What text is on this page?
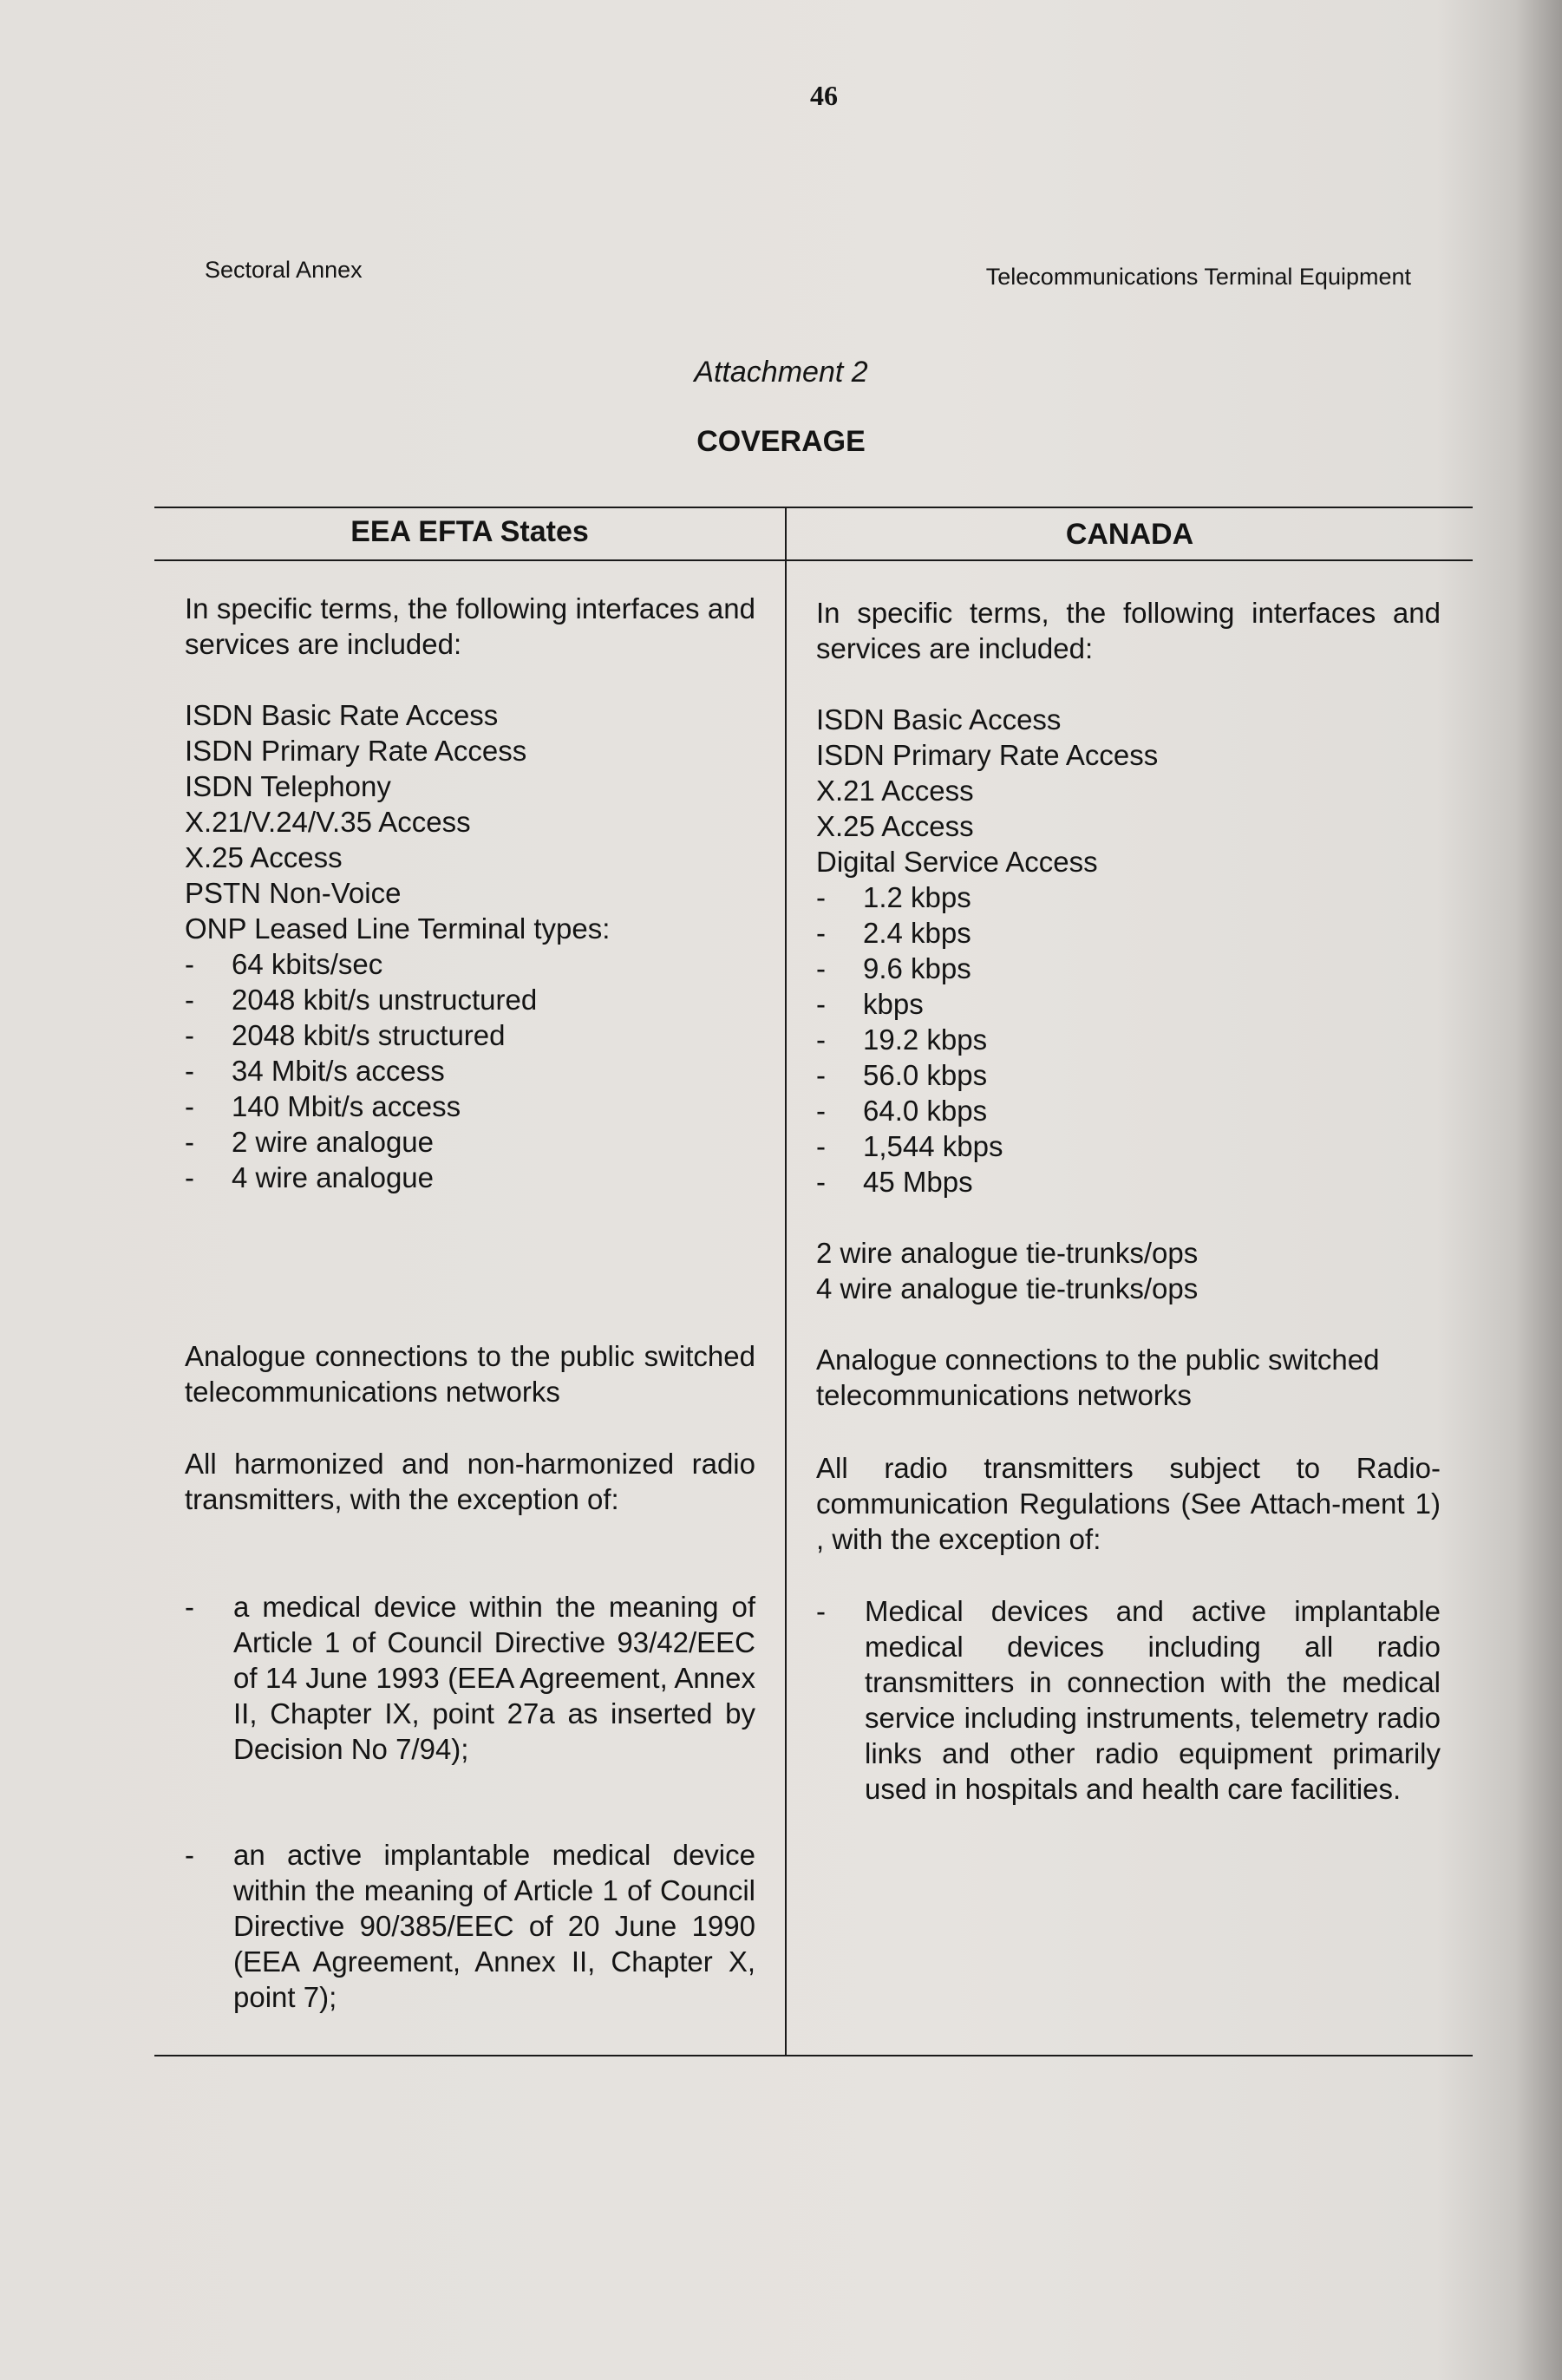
46
Sectoral Annex	Telecommunications Terminal Equipment
Attachment 2
COVERAGE
EEA EFTA States	CANADA

In specific terms, the following interfaces and services are included:

ISDN Basic Rate Access
ISDN Primary Rate Access
ISDN Telephony
X.21/V.24/V.35 Access
X.25 Access
PSTN Non-Voice
ONP Leased Line Terminal types:
- 64 kbits/sec
- 2048 kbit/s unstructured
- 2048 kbit/s structured
- 34 Mbit/s access
- 140 Mbit/s access
- 2 wire analogue
- 4 wire analogue

Analogue connections to the public switched telecommunications networks

All harmonized and non-harmonized radio transmitters, with the exception of:

- a medical device within the meaning of Article 1 of Council Directive 93/42/EEC of 14 June 1993 (EEA Agreement, Annex II, Chapter IX, point 27a as inserted by Decision No 7/94);
- an active implantable medical device within the meaning of Article 1 of Council Directive 90/385/EEC of 20 June 1990 (EEA Agreement, Annex II, Chapter X, point 7);

In specific terms, the following interfaces and services are included:

ISDN Basic Access
ISDN Primary Rate Access
X.21 Access
X.25 Access
Digital Service Access
- 1.2 kbps
- 2.4 kbps
- 9.6 kbps
- kbps
- 19.2 kbps
- 56.0 kbps
- 64.0 kbps
- 1,544 kbps
- 45 Mbps
2 wire analogue tie-trunks/ops
4 wire analogue tie-trunks/ops

Analogue connections to the public switched telecommunications networks

All radio transmitters subject to Radio-communication Regulations (See Attach-ment 1) , with the exception of:

- Medical devices and active implantable medical devices including all radio transmitters in connection with the medical service including instruments, telemetry radio links and other radio equipment primarily used in hospitals and health care facilities.
